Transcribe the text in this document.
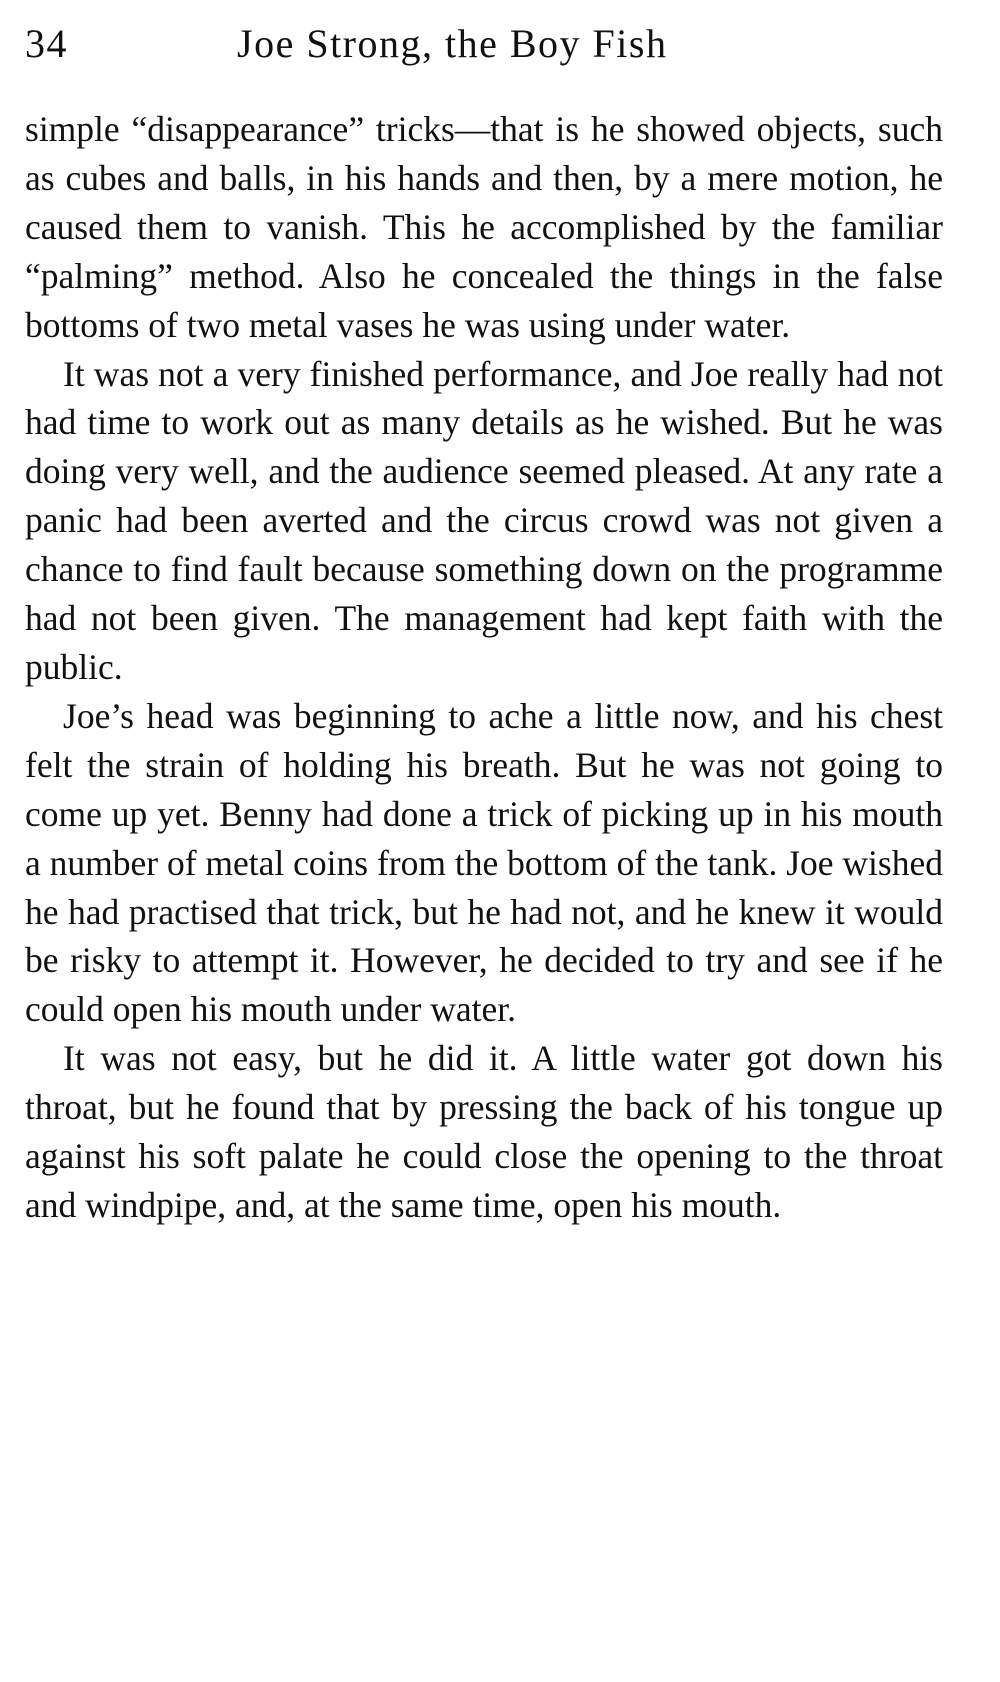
34	Joe Strong, the Boy Fish

simple “disappearance” tricks—that is he showed objects, such as cubes and balls, in his hands and then, by a mere motion, he caused them to vanish. This he accomplished by the familiar “palming” method. Also he concealed the things in the false bottoms of two metal vases he was using under water.

It was not a very finished performance, and Joe really had not had time to work out as many details as he wished. But he was doing very well, and the audience seemed pleased. At any rate a panic had been averted and the circus crowd was not given a chance to find fault because something down on the programme had not been given. The management had kept faith with the public.

Joe’s head was beginning to ache a little now, and his chest felt the strain of holding his breath. But he was not going to come up yet. Benny had done a trick of picking up in his mouth a number of metal coins from the bottom of the tank. Joe wished he had practised that trick, but he had not, and he knew it would be risky to attempt it. However, he decided to try and see if he could open his mouth under water.

It was not easy, but he did it. A little water got down his throat, but he found that by pressing the back of his tongue up against his soft palate he could close the opening to the throat and windpipe, and, at the same time, open his mouth.
